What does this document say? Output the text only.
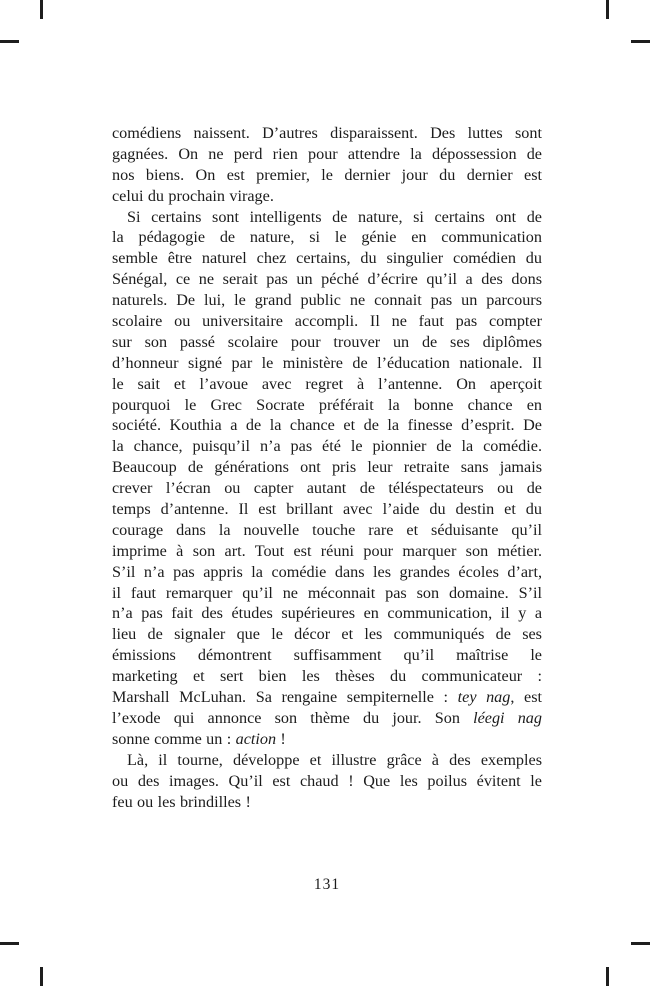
comédiens naissent. D’autres disparaissent. Des luttes sont
gagnées. On ne perd rien pour attendre la dépossession de
nos biens. On est premier, le dernier jour du dernier est
celui du prochain virage.
Si certains sont intelligents de nature, si certains ont de
la pédagogie de nature, si le génie en communication
semble être naturel chez certains, du singulier comédien du
Sénégal, ce ne serait pas un péché d’écrire qu’il a des dons
naturels. De lui, le grand public ne connait pas un parcours
scolaire ou universitaire accompli. Il ne faut pas compter
sur son passé scolaire pour trouver un de ses diplômes
d’honneur signé par le ministère de l’éducation nationale. Il
le sait et l’avoue avec regret à l’antenne. On aperçoit
pourquoi le Grec Socrate préférait la bonne chance en
société. Kouthia a de la chance et de la finesse d’esprit. De
la chance, puisqu’il n’a pas été le pionnier de la comédie.
Beaucoup de générations ont pris leur retraite sans jamais
crever l’écran ou capter autant de téléspectateurs ou de
temps d’antenne. Il est brillant avec l’aide du destin et du
courage dans la nouvelle touche rare et séduisante qu’il
imprime à son art. Tout est réuni pour marquer son métier.
S’il n’a pas appris la comédie dans les grandes écoles d’art,
il faut remarquer qu’il ne méconnait pas son domaine. S’il
n’a pas fait des études supérieures en communication, il y a
lieu de signaler que le décor et les communiqués de ses
émissions démontrent suffisamment qu’il maîtrise le
marketing et sert bien les thèses du communicateur :
Marshall McLuhan. Sa rengaine sempiternelle : tey nag, est
l’exode qui annonce son thème du jour. Son léegi nag
sonne comme un : action !
Là, il tourne, développe et illustre grâce à des exemples
ou des images. Qu’il est chaud ! Que les poilus évitent le
feu ou les brindilles !
131
